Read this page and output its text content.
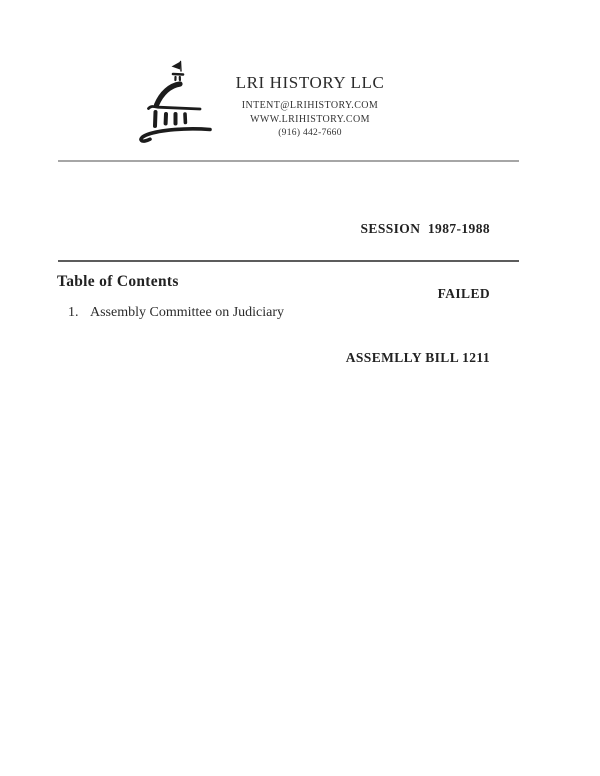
LRI HISTORY LLC
INTENT@LRIHISTORY.COM
WWW.LRIHISTORY.COM
(916) 442-7660

SESSION  1987-1988

FAILED

ASSEMLLY BILL 1211

Table of Contents
1. Assembly Committee on Judiciary
